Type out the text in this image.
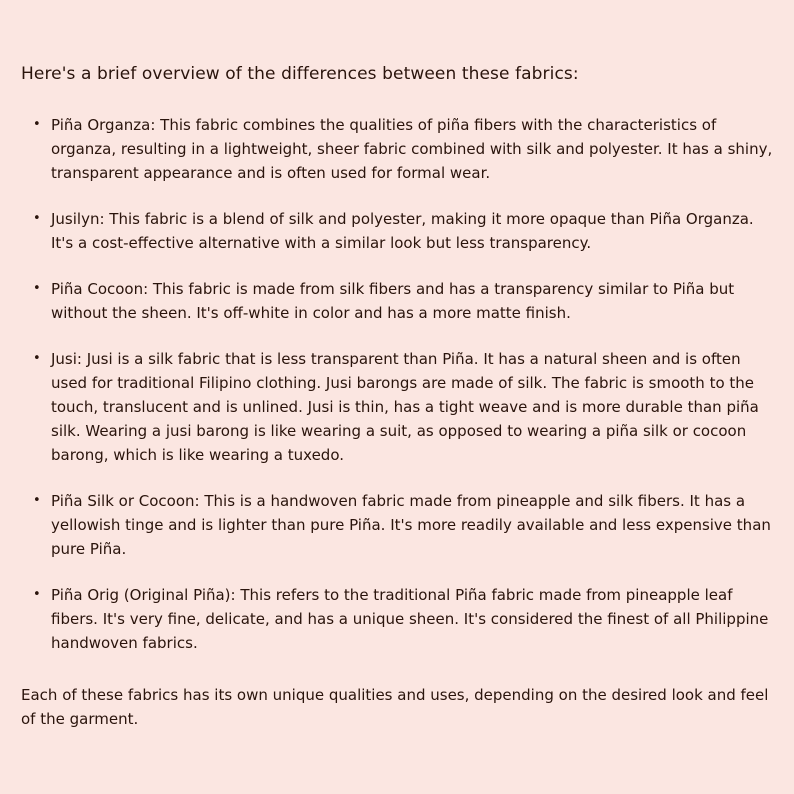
Here's a brief overview of the differences between these fabrics:
• Piña Organza: This fabric combines the qualities of piña fibers with the characteristics of organza, resulting in a lightweight, sheer fabric combined with silk and polyester. It has a shiny, transparent appearance and is often used for formal wear.
• Jusilyn: This fabric is a blend of silk and polyester, making it more opaque than Piña Organza. It's a cost-effective alternative with a similar look but less transparency.
• Piña Cocoon: This fabric is made from silk fibers and has a transparency similar to Piña but without the sheen. It's off-white in color and has a more matte finish.
• Jusi: Jusi is a silk fabric that is less transparent than Piña. It has a natural sheen and is often used for traditional Filipino clothing. Jusi barongs are made of silk. The fabric is smooth to the touch, translucent and is unlined. Jusi is thin, has a tight weave and is more durable than piña silk. Wearing a jusi barong is like wearing a suit, as opposed to wearing a piña silk or cocoon barong, which is like wearing a tuxedo.
• Piña Silk or Cocoon: This is a handwoven fabric made from pineapple and silk fibers. It has a yellowish tinge and is lighter than pure Piña. It's more readily available and less expensive than pure Piña.
• Piña Orig (Original Piña): This refers to the traditional Piña fabric made from pineapple leaf fibers. It's very fine, delicate, and has a unique sheen. It's considered the finest of all Philippine handwoven fabrics.

Each of these fabrics has its own unique qualities and uses, depending on the desired look and feel of the garment.
